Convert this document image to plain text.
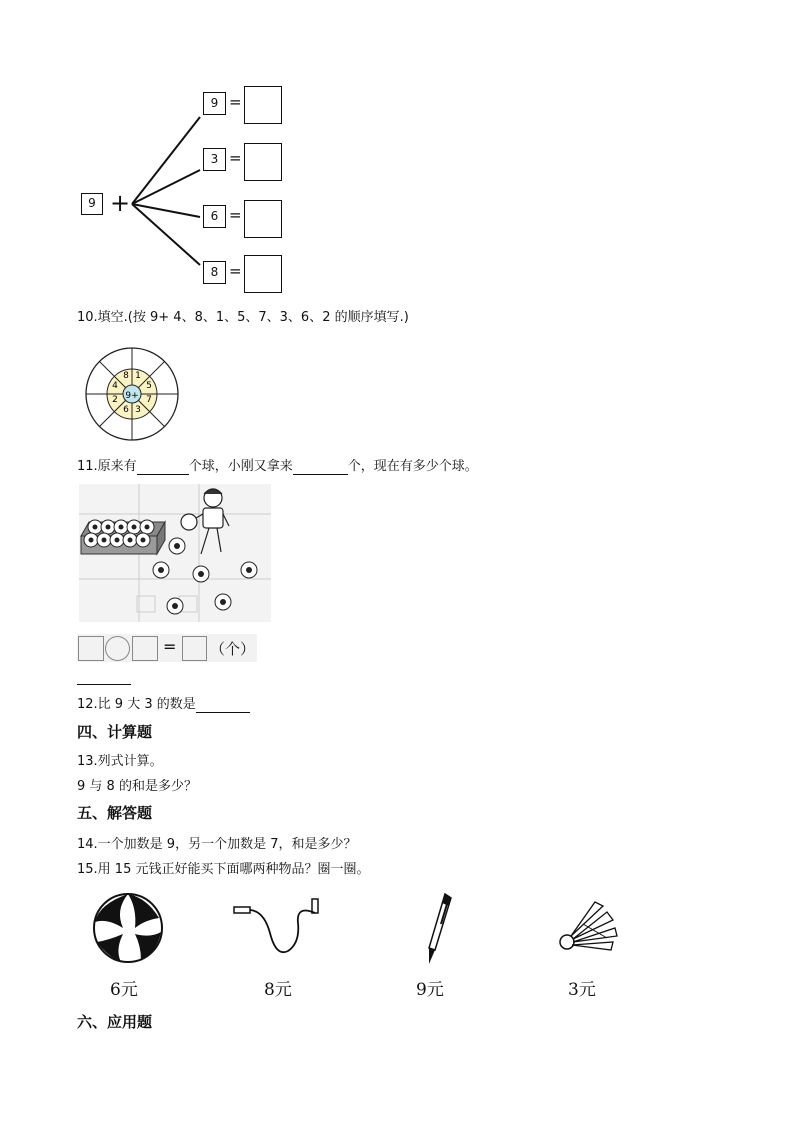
9 +
9 =
3 =
6 =
8 =
10.填空.(按 9+ 4、8、1、5、7、3、6、2 的顺序填写.)
9+
8 1
5
7
3
6
2
4
11.原来有	个球，小刚又拿来	个，现在有多少个球。
= （个）
12.比 9 大 3 的数是
四、计算题
13.列式计算。
9 与 8 的和是多少？
五、解答题
14.一个加数是 9，另一个加数是 7，和是多少？
15.用 15 元钱正好能买下面哪两种物品？圈一圈。
6元	8元	9元	3元
六、应用题
